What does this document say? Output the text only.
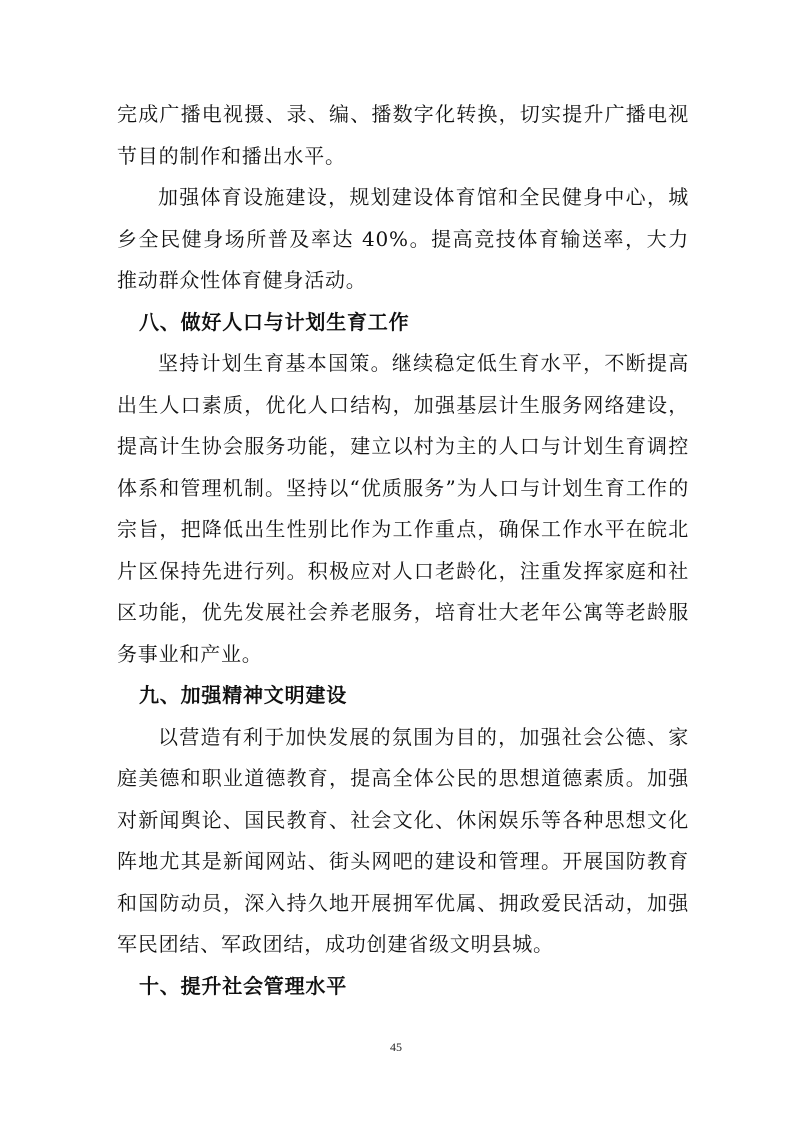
完成广播电视摄、录、编、播数字化转换，切实提升广播电视节目的制作和播出水平。

加强体育设施建设，规划建设体育馆和全民健身中心，城乡全民健身场所普及率达 40%。提高竞技体育输送率，大力推动群众性体育健身活动。

八、做好人口与计划生育工作

坚持计划生育基本国策。继续稳定低生育水平，不断提高出生人口素质，优化人口结构，加强基层计生服务网络建设，提高计生协会服务功能，建立以村为主的人口与计划生育调控体系和管理机制。坚持以“优质服务”为人口与计划生育工作的宗旨，把降低出生性别比作为工作重点，确保工作水平在皖北片区保持先进行列。积极应对人口老龄化，注重发挥家庭和社区功能，优先发展社会养老服务，培育壮大老年公寓等老龄服务事业和产业。

九、加强精神文明建设

以营造有利于加快发展的氛围为目的，加强社会公德、家庭美德和职业道德教育，提高全体公民的思想道德素质。加强对新闻舆论、国民教育、社会文化、休闲娱乐等各种思想文化阵地尤其是新闻网站、街头网吧的建设和管理。开展国防教育和国防动员，深入持久地开展拥军优属、拥政爱民活动，加强军民团结、军政团结，成功创建省级文明县城。

十、提升社会管理水平
45
